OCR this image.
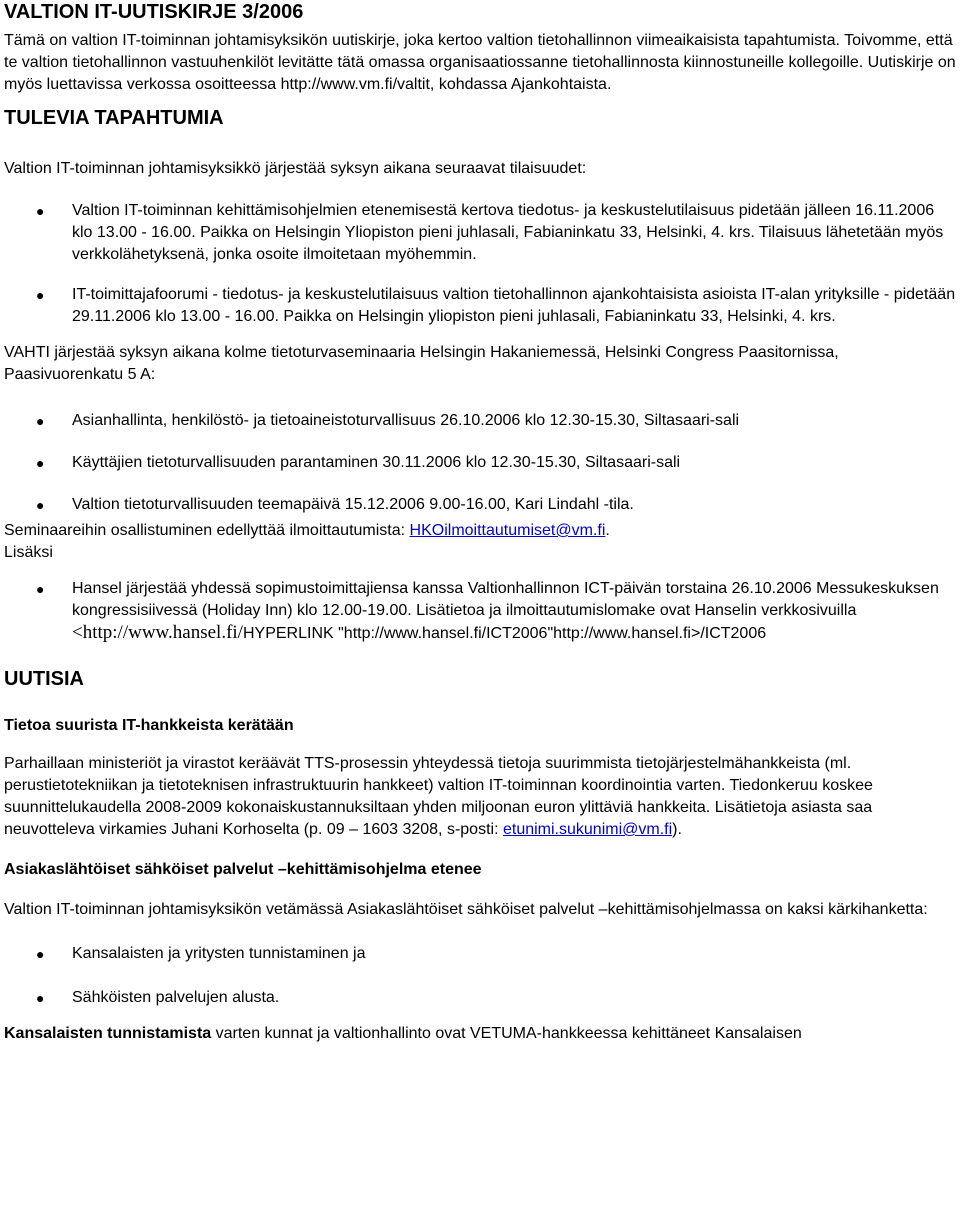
VALTION IT-UUTISKIRJE 3/2006

Tämä on valtion IT-toiminnan johtamisyksikön uutiskirje, joka kertoo valtion tietohallinnon viimeaikaisista tapahtumista. Toivomme, että te valtion tietohallinnon vastuuhenkilöt levitätte tätä omassa organisaatiossanne tietohallinnosta kiinnostuneille kollegoille. Uutiskirje on myös luettavissa verkossa osoitteessa http://www.vm.fi/valtit, kohdassa Ajankohtaista.

TULEVIA TAPAHTUMIA

Valtion IT-toiminnan johtamisyksikkö järjestää syksyn aikana seuraavat tilaisuudet:

● Valtion IT-toiminnan kehittämisohjelmien etenemisestä kertova tiedotus- ja keskustelutilaisuus pidetään jälleen 16.11.2006 klo 13.00 - 16.00. Paikka on Helsingin Yliopiston pieni juhlasali, Fabianinkatu 33, Helsinki, 4. krs. Tilaisuus lähetetään myös verkkolähetyksenä, jonka osoite ilmoitetaan myöhemmin.
● IT-toimittajafoorumi - tiedotus- ja keskustelutilaisuus valtion tietohallinnon ajankohtaisista asioista IT-alan yrityksille - pidetään 29.11.2006 klo 13.00 - 16.00. Paikka on Helsingin yliopiston pieni juhlasali, Fabianinkatu 33, Helsinki, 4. krs.

VAHTI järjestää syksyn aikana kolme tietoturvaseminaaria Helsingin Hakaniemessä, Helsinki Congress Paasitornissa, Paasivuorenkatu 5 A:

● Asianhallinta, henkilöstö- ja tietoaineistoturvallisuus 26.10.2006 klo 12.30-15.30, Siltasaari-sali
● Käyttäjien tietoturvallisuuden parantaminen 30.11.2006 klo 12.30-15.30, Siltasaari-sali
● Valtion tietoturvallisuuden teemapäivä 15.12.2006 9.00-16.00, Kari Lindahl -tila.

Seminaareihin osallistuminen edellyttää ilmoittautumista: HKOilmoittautumiset@vm.fi.

Lisäksi

● Hansel järjestää yhdessä sopimustoimittajiensa kanssa Valtionhallinnon ICT-päivän torstaina 26.10.2006 Messukeskuksen kongressisiivessä (Holiday Inn) klo 12.00-19.00. Lisätietoa ja ilmoittautumislomake ovat Hanselin verkkosivuilla <http://www.hansel.fi/HYPERLINK "http://www.hansel.fi/ICT2006"http://www.hansel.fi>/ICT2006
UUTISIA
Tietoa suurista IT-hankkeista kerätään

Parhaillaan ministeriöt ja virastot keräävät TTS-prosessin yhteydessä tietoja suurimmista tietojärjestelmähankkeista (ml. perustietotekniikan ja tietoteknisen infrastruktuurin hankkeet) valtion IT-toiminnan koordinointia varten. Tiedonkeruu koskee suunnittelukaudella 2008-2009 kokonaiskustannuksiltaan yhden miljoonan euron ylittäviä hankkeita. Lisätietoja asiasta saa neuvotteleva virkamies Juhani Korhoselta (p. 09 – 1603 3208, s-posti: etunimi.sukunimi@vm.fi).

Asiakaslähtöiset sähköiset palvelut –kehittämisohjelma etenee

Valtion IT-toiminnan johtamisyksikön vetämässä Asiakaslähtöiset sähköiset palvelut –kehittämisohjelmassa on kaksi kärkihanketta:

● Kansalaisten ja yritysten tunnistaminen ja
● Sähköisten palvelujen alusta.

Kansalaisten tunnistamista varten kunnat ja valtionhallinto ovat VETUMA-hankkeessa kehittäneet Kansalaisen
